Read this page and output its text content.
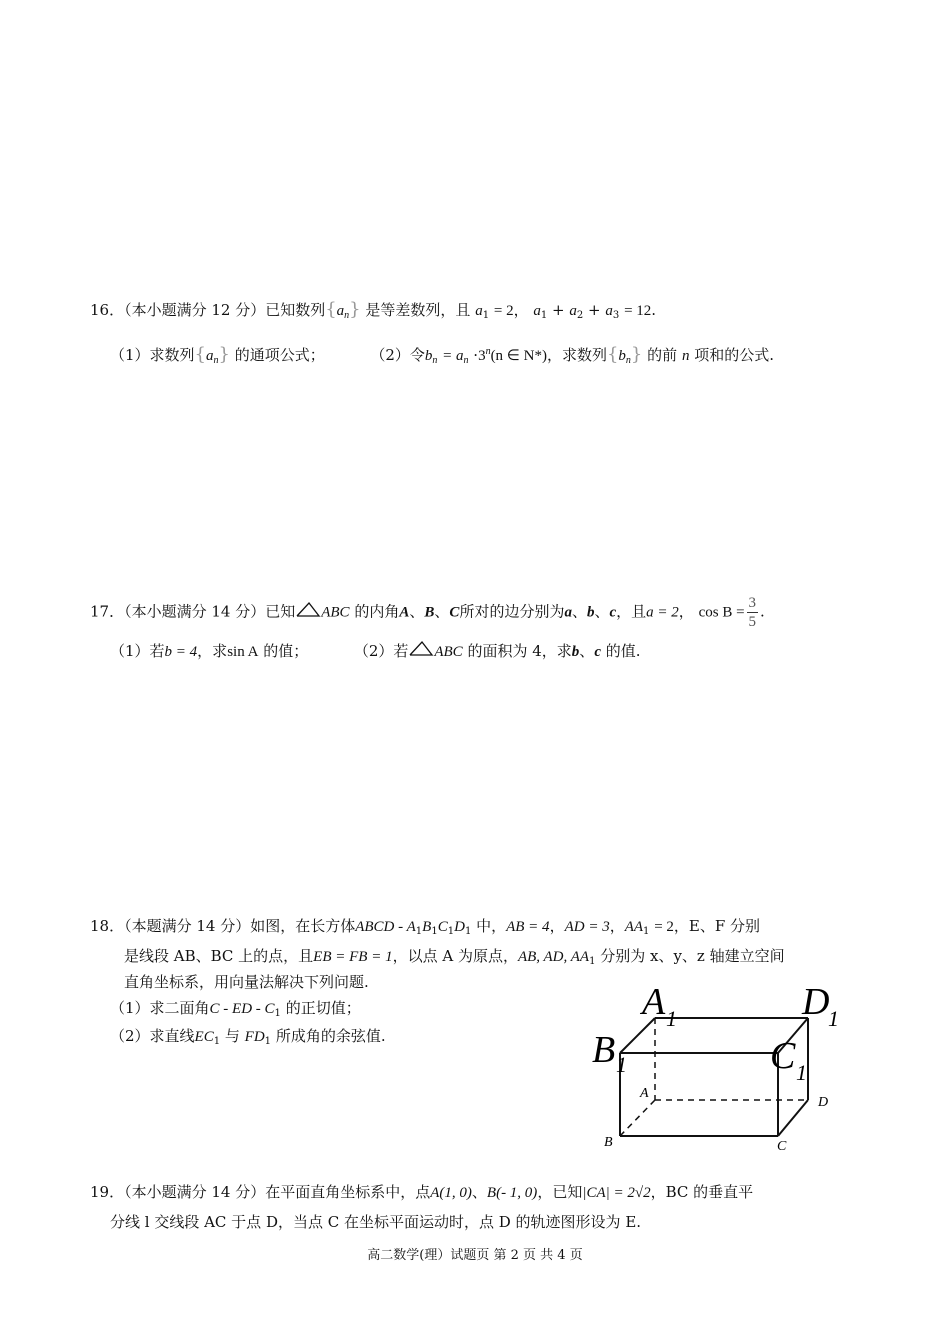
16．（本小题满分 12 分）已知数列$\{a_n\}$ 是等差数列，且 $a_1 = 2$， $a_1 + a_2 + a_3 = 12$.
（1）求数列$\{a_n\}$ 的通项公式；	（2）令$b_n = a_n \cdot 3^n(n$ ∈ N*)，求数列$\{b_n\}$ 的前 n 项和的公式.
17．（本小题满分 14 分）已知 ABC 的内角A、B、C所对的边分别为a、b、c，且a = 2， $\cos B = \frac{3}{5}$ .
（1）若b = 4，求sin A 的值；	（2）若 ABC 的面积为 4，求b、c 的值.
18．（本题满分 14 分）如图，在长方体ABCD - $A_1B_1C_1D_1$ 中，AB = 4，AD = 3，$AA_1 = 2$，E、F 分别
是线段 AB、BC 上的点，且EB = FB = 1，以点 A 为原点，AB, AD, $AA_1$ 分别为 x、y、z 轴建立空间
直角坐标系，用向量法解决下列问题.
（1）求二面角C - ED - $C_1$ 的正切值；
（2）求直线$EC_1$ 与 $FD_1$ 所成角的余弦值.
A 1	D
1
B 1	C 1
A
D
B	C
19．（本小题满分 14 分）在平面直角坐标系中，点A(1, 0)、B(- 1, 0)，已知|CA| = 2√2，BC 的垂直平
分线 l 交线段 AC 于点 D，当点 C 在坐标平面运动时，点 D 的轨迹图形设为 E.
高二数学(理）试题页 第 2 页 共 4 页
